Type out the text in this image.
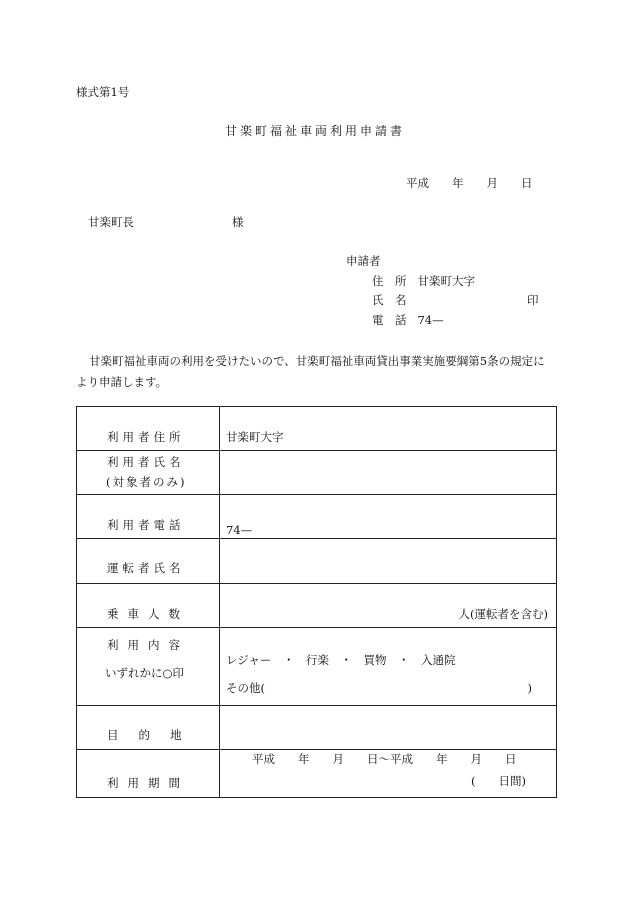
様式第1号
甘楽町福祉車両利用申請書
平成　　年　　月　　日
甘楽町長	様
申請者
住　所 甘楽町大字
氏　名	印
電　話 74—
甘楽町福祉車両の利用を受けたいので、甘楽町福祉車両貸出事業実施要綱第5条の規定により申請します。
利用者住所	甘楽町大字

利用者氏名
(対象者のみ)	

利用者電話	74—

運転者氏名	

乗車人数	人(運転者を含む)

利用内容
いずれかに○印	レジャー　・　行楽　・　買物　・　入通院
その他( )

目的地	

利用期間	平成　　年　　月　　日〜平成　　年　　月　　日
(　　日間)
